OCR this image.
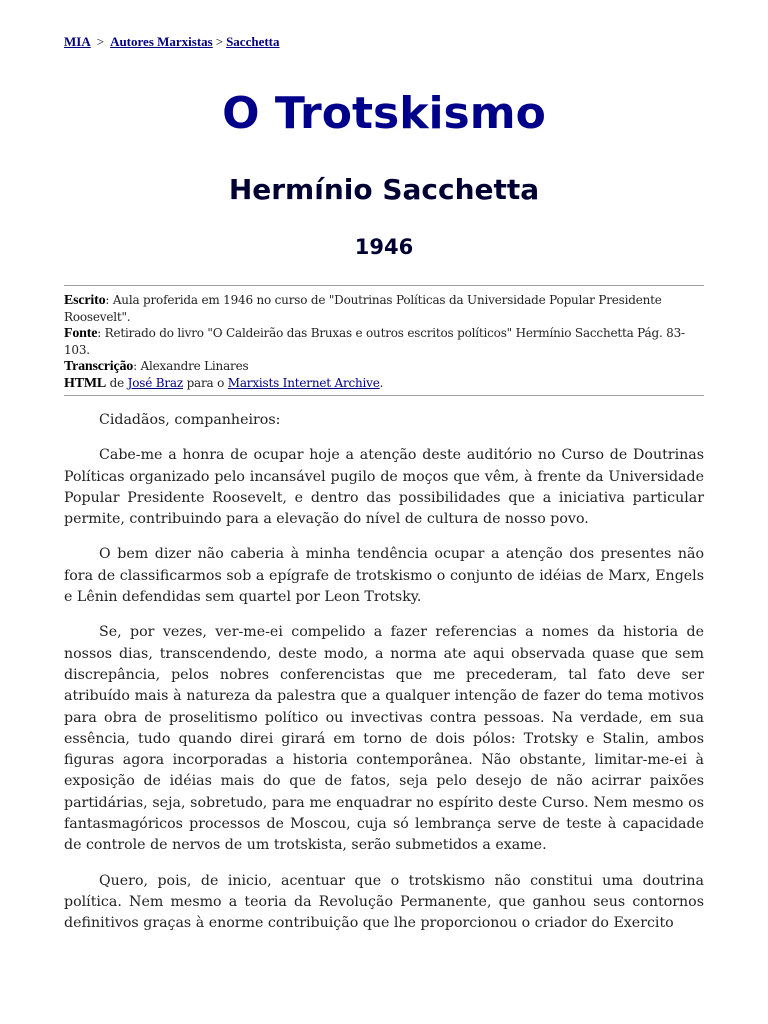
MIA > Autores Marxistas > Sacchetta
O Trotskismo
Hermínio Sacchetta
1946
Escrito: Aula proferida em 1946 no curso de "Doutrinas Políticas da Universidade Popular Presidente Roosevelt".
Fonte: Retirado do livro "O Caldeirão das Bruxas e outros escritos políticos" Hermínio Sacchetta Pág. 83-103.
Transcrição: Alexandre Linares
HTML de José Braz para o Marxists Internet Archive.

Cidadãos, companheiros:

Cabe-me a honra de ocupar hoje a atenção deste auditório no Curso de Doutrinas Políticas organizado pelo incansável pugilo de moços que vêm, à frente da Universidade Popular Presidente Roosevelt, e dentro das possibilidades que a iniciativa particular permite, contribuindo para a elevação do nível de cultura de nosso povo.

O bem dizer não caberia à minha tendência ocupar a atenção dos presentes não fora de classificarmos sob a epígrafe de trotskismo o conjunto de idéias de Marx, Engels e Lênin defendidas sem quartel por Leon Trotsky.

Se, por vezes, ver-me-ei compelido a fazer referencias a nomes da historia de nossos dias, transcendendo, deste modo, a norma ate aqui observada quase que sem discrepância, pelos nobres conferencistas que me precederam, tal fato deve ser atribuído mais à natureza da palestra que a qualquer intenção de fazer do tema motivos para obra de proselitismo político ou invectivas contra pessoas. Na verdade, em sua essência, tudo quando direi girará em torno de dois pólos: Trotsky e Stalin, ambos figuras agora incorporadas a historia contemporânea. Não obstante, limitar-me-ei à exposição de idéias mais do que de fatos, seja pelo desejo de não acirrar paixões partidárias, seja, sobretudo, para me enquadrar no espírito deste Curso. Nem mesmo os fantasmagóricos processos de Moscou, cuja só lembrança serve de teste à capacidade de controle de nervos de um trotskista, serão submetidos a exame.

Quero, pois, de inicio, acentuar que o trotskismo não constitui uma doutrina política. Nem mesmo a teoria da Revolução Permanente, que ganhou seus contornos definitivos graças à enorme contribuição que lhe proporcionou o criador do Exercito
